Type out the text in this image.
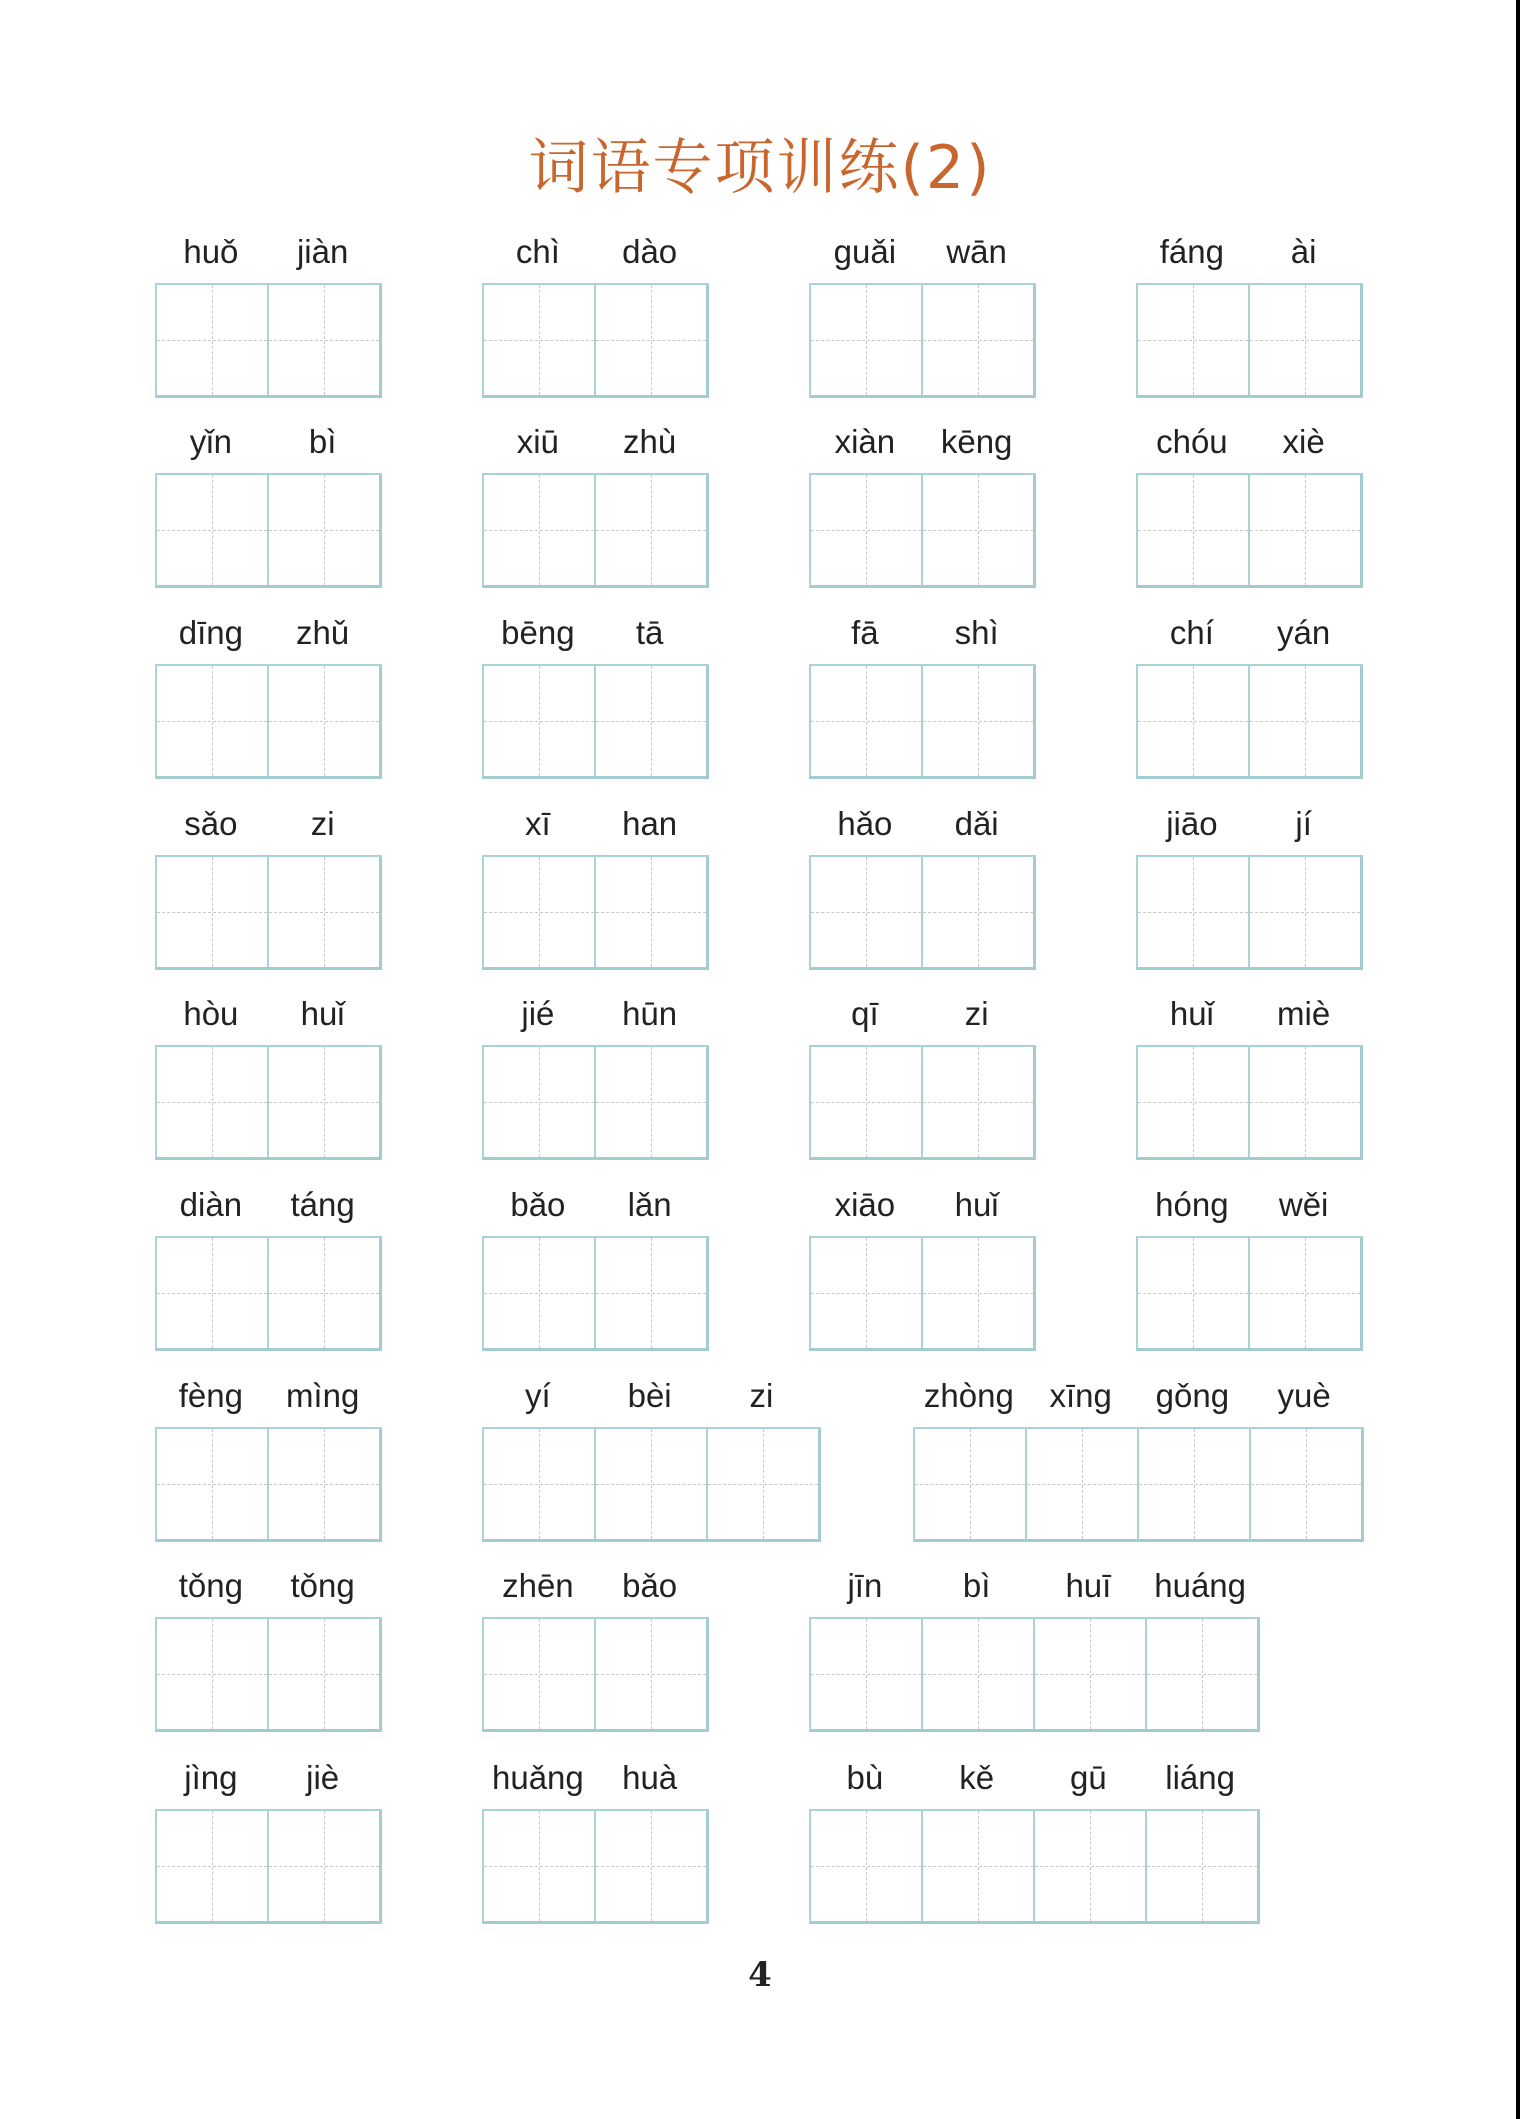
词语专项训练(2)
huǒ	jiàn	chì	dào	guǎi	wān	fáng	ài
yǐn	bì	xiū	zhù	xiàn	kēng	chóu	xiè
dīng	zhǔ	bēng	tā	fā	shì	chí	yán
sǎo	zi	xī	han	hǎo	dǎi	jiāo	jí
hòu	huǐ	jié	hūn	qī	zi	huǐ	miè
diàn	táng	bǎo	lǎn	xiāo	huǐ	hóng	wěi
fèng	mìng	yí	bèi	zi	zhòng	xīng	gǒng	yuè
tǒng	tǒng	zhēn	bǎo	jīn	bì	huī	huáng
jìng	jiè	huǎng	huà	bù	kě	gū	liáng
4
